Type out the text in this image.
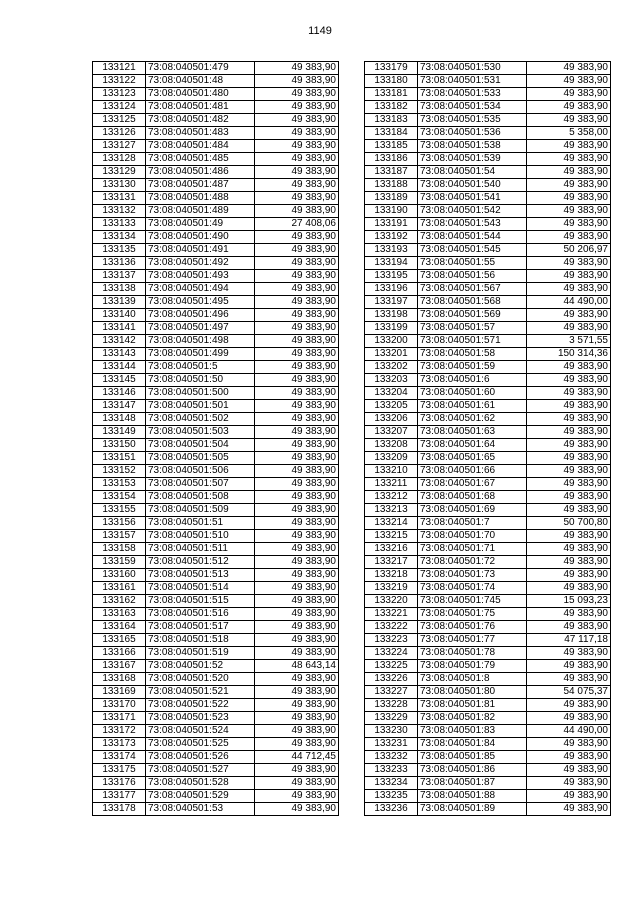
1149
133121	73:08:040501:479	49 383,90
133122	73:08:040501:48	49 383,90
133123	73:08:040501:480	49 383,90
133124	73:08:040501:481	49 383,90
133125	73:08:040501:482	49 383,90
133126	73:08:040501:483	49 383,90
133127	73:08:040501:484	49 383,90
133128	73:08:040501:485	49 383,90
133129	73:08:040501:486	49 383,90
133130	73:08:040501:487	49 383,90
133131	73:08:040501:488	49 383,90
133132	73:08:040501:489	49 383,90
133133	73:08:040501:49	27 408,06
133134	73:08:040501:490	49 383,90
133135	73:08:040501:491	49 383,90
133136	73:08:040501:492	49 383,90
133137	73:08:040501:493	49 383,90
133138	73:08:040501:494	49 383,90
133139	73:08:040501:495	49 383,90
133140	73:08:040501:496	49 383,90
133141	73:08:040501:497	49 383,90
133142	73:08:040501:498	49 383,90
133143	73:08:040501:499	49 383,90
133144	73:08:040501:5	49 383,90
133145	73:08:040501:50	49 383,90
133146	73:08:040501:500	49 383,90
133147	73:08:040501:501	49 383,90
133148	73:08:040501:502	49 383,90
133149	73:08:040501:503	49 383,90
133150	73:08:040501:504	49 383,90
133151	73:08:040501:505	49 383,90
133152	73:08:040501:506	49 383,90
133153	73:08:040501:507	49 383,90
133154	73:08:040501:508	49 383,90
133155	73:08:040501:509	49 383,90
133156	73:08:040501:51	49 383,90
133157	73:08:040501:510	49 383,90
133158	73:08:040501:511	49 383,90
133159	73:08:040501:512	49 383,90
133160	73:08:040501:513	49 383,90
133161	73:08:040501:514	49 383,90
133162	73:08:040501:515	49 383,90
133163	73:08:040501:516	49 383,90
133164	73:08:040501:517	49 383,90
133165	73:08:040501:518	49 383,90
133166	73:08:040501:519	49 383,90
133167	73:08:040501:52	48 643,14
133168	73:08:040501:520	49 383,90
133169	73:08:040501:521	49 383,90
133170	73:08:040501:522	49 383,90
133171	73:08:040501:523	49 383,90
133172	73:08:040501:524	49 383,90
133173	73:08:040501:525	49 383,90
133174	73:08:040501:526	44 712,45
133175	73:08:040501:527	49 383,90
133176	73:08:040501:528	49 383,90
133177	73:08:040501:529	49 383,90
133178	73:08:040501:53	49 383,90
133179	73:08:040501:530	49 383,90
133180	73:08:040501:531	49 383,90
133181	73:08:040501:533	49 383,90
133182	73:08:040501:534	49 383,90
133183	73:08:040501:535	49 383,90
133184	73:08:040501:536	5 358,00
133185	73:08:040501:538	49 383,90
133186	73:08:040501:539	49 383,90
133187	73:08:040501:54	49 383,90
133188	73:08:040501:540	49 383,90
133189	73:08:040501:541	49 383,90
133190	73:08:040501:542	49 383,90
133191	73:08:040501:543	49 383,90
133192	73:08:040501:544	49 383,90
133193	73:08:040501:545	50 206,97
133194	73:08:040501:55	49 383,90
133195	73:08:040501:56	49 383,90
133196	73:08:040501:567	49 383,90
133197	73:08:040501:568	44 490,00
133198	73:08:040501:569	49 383,90
133199	73:08:040501:57	49 383,90
133200	73:08:040501:571	3 571,55
133201	73:08:040501:58	150 314,36
133202	73:08:040501:59	49 383,90
133203	73:08:040501:6	49 383,90
133204	73:08:040501:60	49 383,90
133205	73:08:040501:61	49 383,90
133206	73:08:040501:62	49 383,90
133207	73:08:040501:63	49 383,90
133208	73:08:040501:64	49 383,90
133209	73:08:040501:65	49 383,90
133210	73:08:040501:66	49 383,90
133211	73:08:040501:67	49 383,90
133212	73:08:040501:68	49 383,90
133213	73:08:040501:69	49 383,90
133214	73:08:040501:7	50 700,80
133215	73:08:040501:70	49 383,90
133216	73:08:040501:71	49 383,90
133217	73:08:040501:72	49 383,90
133218	73:08:040501:73	49 383,90
133219	73:08:040501:74	49 383,90
133220	73:08:040501:745	15 093,23
133221	73:08:040501:75	49 383,90
133222	73:08:040501:76	49 383,90
133223	73:08:040501:77	47 117,18
133224	73:08:040501:78	49 383,90
133225	73:08:040501:79	49 383,90
133226	73:08:040501:8	49 383,90
133227	73:08:040501:80	54 075,37
133228	73:08:040501:81	49 383,90
133229	73:08:040501:82	49 383,90
133230	73:08:040501:83	44 490,00
133231	73:08:040501:84	49 383,90
133232	73:08:040501:85	49 383,90
133233	73:08:040501:86	49 383,90
133234	73:08:040501:87	49 383,90
133235	73:08:040501:88	49 383,90
133236	73:08:040501:89	49 383,90
